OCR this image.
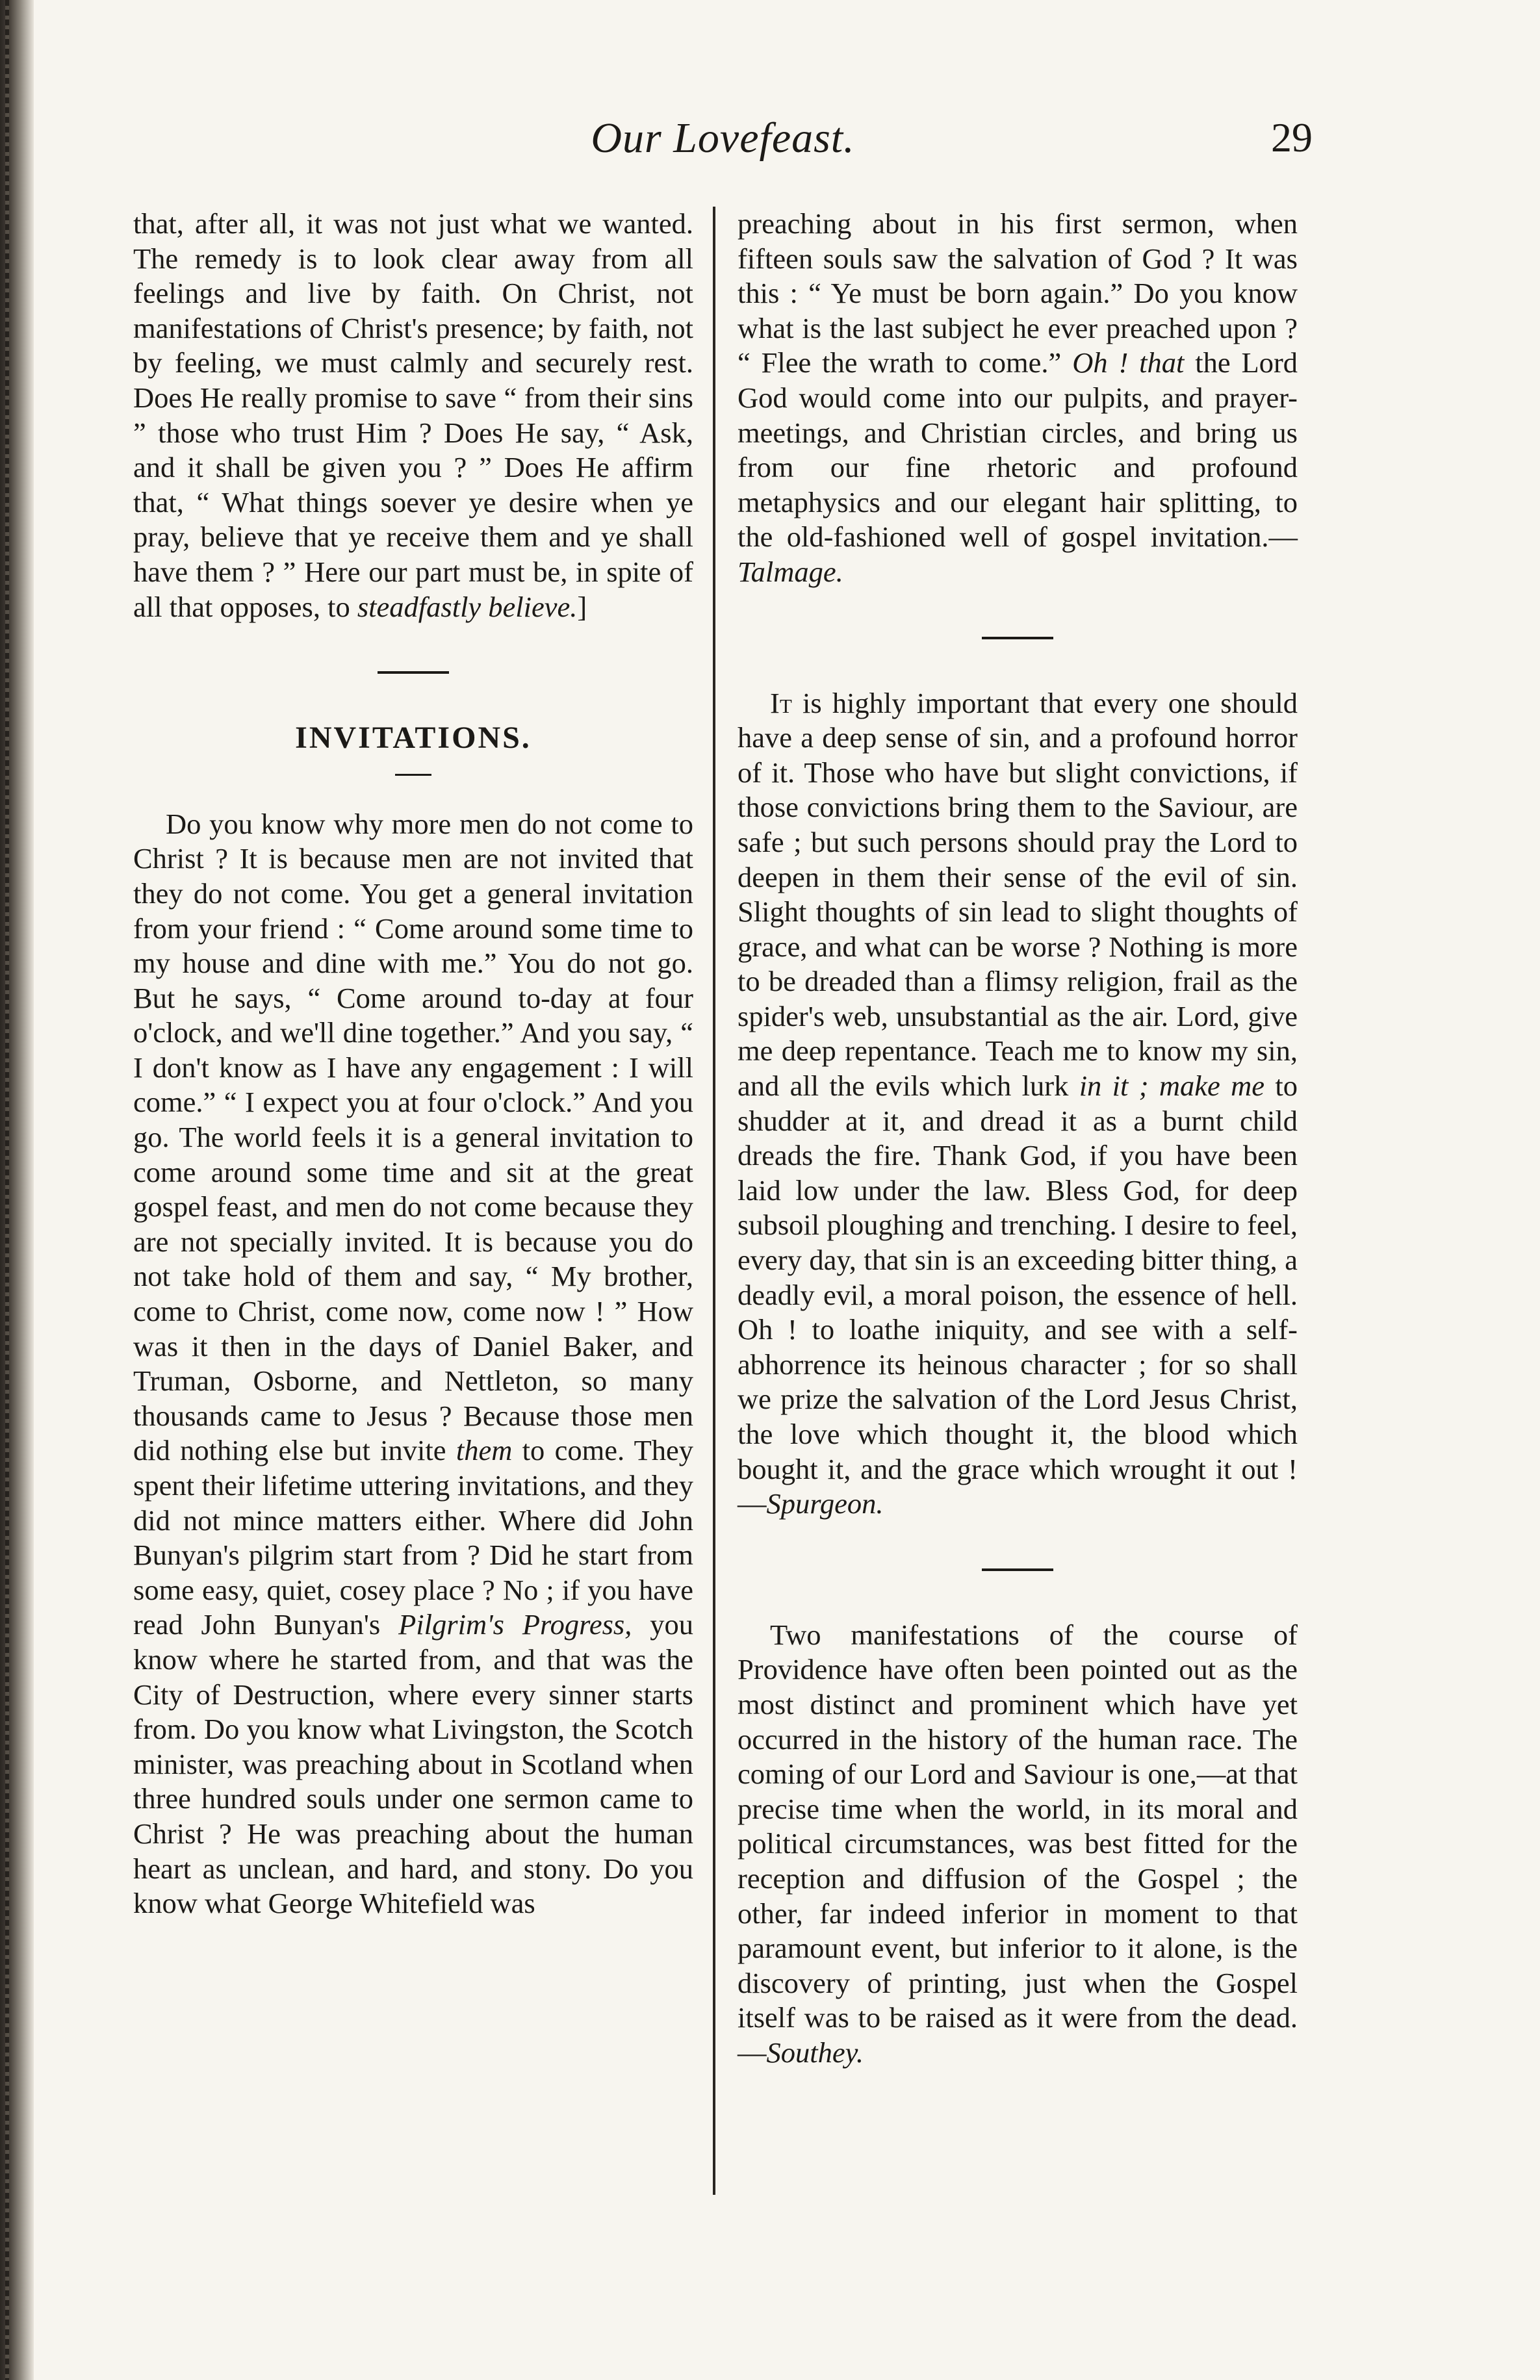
Our Lovefeast.	29

that, after all, it was not just what we wanted. The remedy is to look clear away from all feelings and live by faith. On Christ, not manifestations of Christ's presence; by faith, not by feeling, we must calmly and securely rest. Does He really promise to save “ from their sins ” those who trust Him ? Does He say, “ Ask, and it shall be given you ? ” Does He affirm that, “ What things soever ye desire when ye pray, believe that ye receive them and ye shall have them ? ” Here our part must be, in spite of all that opposes, to steadfastly believe.]

INVITATIONS.

Do you know why more men do not come to Christ ? It is because men are not invited that they do not come. You get a general invitation from your friend : “ Come around some time to my house and dine with me.” You do not go. But he says, “ Come around to-day at four o'clock, and we'll dine together.” And you say, “ I don't know as I have any engagement : I will come.” “ I expect you at four o'clock.” And you go. The world feels it is a general invitation to come around some time and sit at the great gospel feast, and men do not come because they are not specially invited. It is because you do not take hold of them and say, “ My brother, come to Christ, come now, come now ! ” How was it then in the days of Daniel Baker, and Truman, Osborne, and Nettleton, so many thousands came to Jesus ? Because those men did nothing else but invite them to come. They spent their lifetime uttering invitations, and they did not mince matters either. Where did John Bunyan's pilgrim start from ? Did he start from some easy, quiet, cosey place ? No ; if you have read John Bunyan's Pilgrim's Progress, you know where he started from, and that was the City of Destruction, where every sinner starts from. Do you know what Livingston, the Scotch minister, was preaching about in Scotland when three hundred souls under one sermon came to Christ ? He was preaching about the human heart as unclean, and hard, and stony. Do you know what George Whitefield was

preaching about in his first sermon, when fifteen souls saw the salvation of God ? It was this : “ Ye must be born again.” Do you know what is the last subject he ever preached upon ? “ Flee the wrath to come.” Oh ! that the Lord God would come into our pulpits, and prayer-meetings, and Christian circles, and bring us from our fine rhetoric and profound metaphysics and our elegant hair splitting, to the old-fashioned well of gospel invitation.—Talmage.

It is highly important that every one should have a deep sense of sin, and a profound horror of it. Those who have but slight convictions, if those convictions bring them to the Saviour, are safe ; but such persons should pray the Lord to deepen in them their sense of the evil of sin. Slight thoughts of sin lead to slight thoughts of grace, and what can be worse ? Nothing is more to be dreaded than a flimsy religion, frail as the spider's web, unsubstantial as the air. Lord, give me deep repentance. Teach me to know my sin, and all the evils which lurk in it ; make me to shudder at it, and dread it as a burnt child dreads the fire. Thank God, if you have been laid low under the law. Bless God, for deep subsoil ploughing and trenching. I desire to feel, every day, that sin is an exceeding bitter thing, a deadly evil, a moral poison, the essence of hell. Oh ! to loathe iniquity, and see with a self-abhorrence its heinous character ; for so shall we prize the salvation of the Lord Jesus Christ, the love which thought it, the blood which bought it, and the grace which wrought it out !—Spurgeon.

Two manifestations of the course of Providence have often been pointed out as the most distinct and prominent which have yet occurred in the history of the human race. The coming of our Lord and Saviour is one,—at that precise time when the world, in its moral and political circumstances, was best fitted for the reception and diffusion of the Gospel ; the other, far indeed inferior in moment to that paramount event, but inferior to it alone, is the discovery of printing, just when the Gospel itself was to be raised as it were from the dead.—Southey.
